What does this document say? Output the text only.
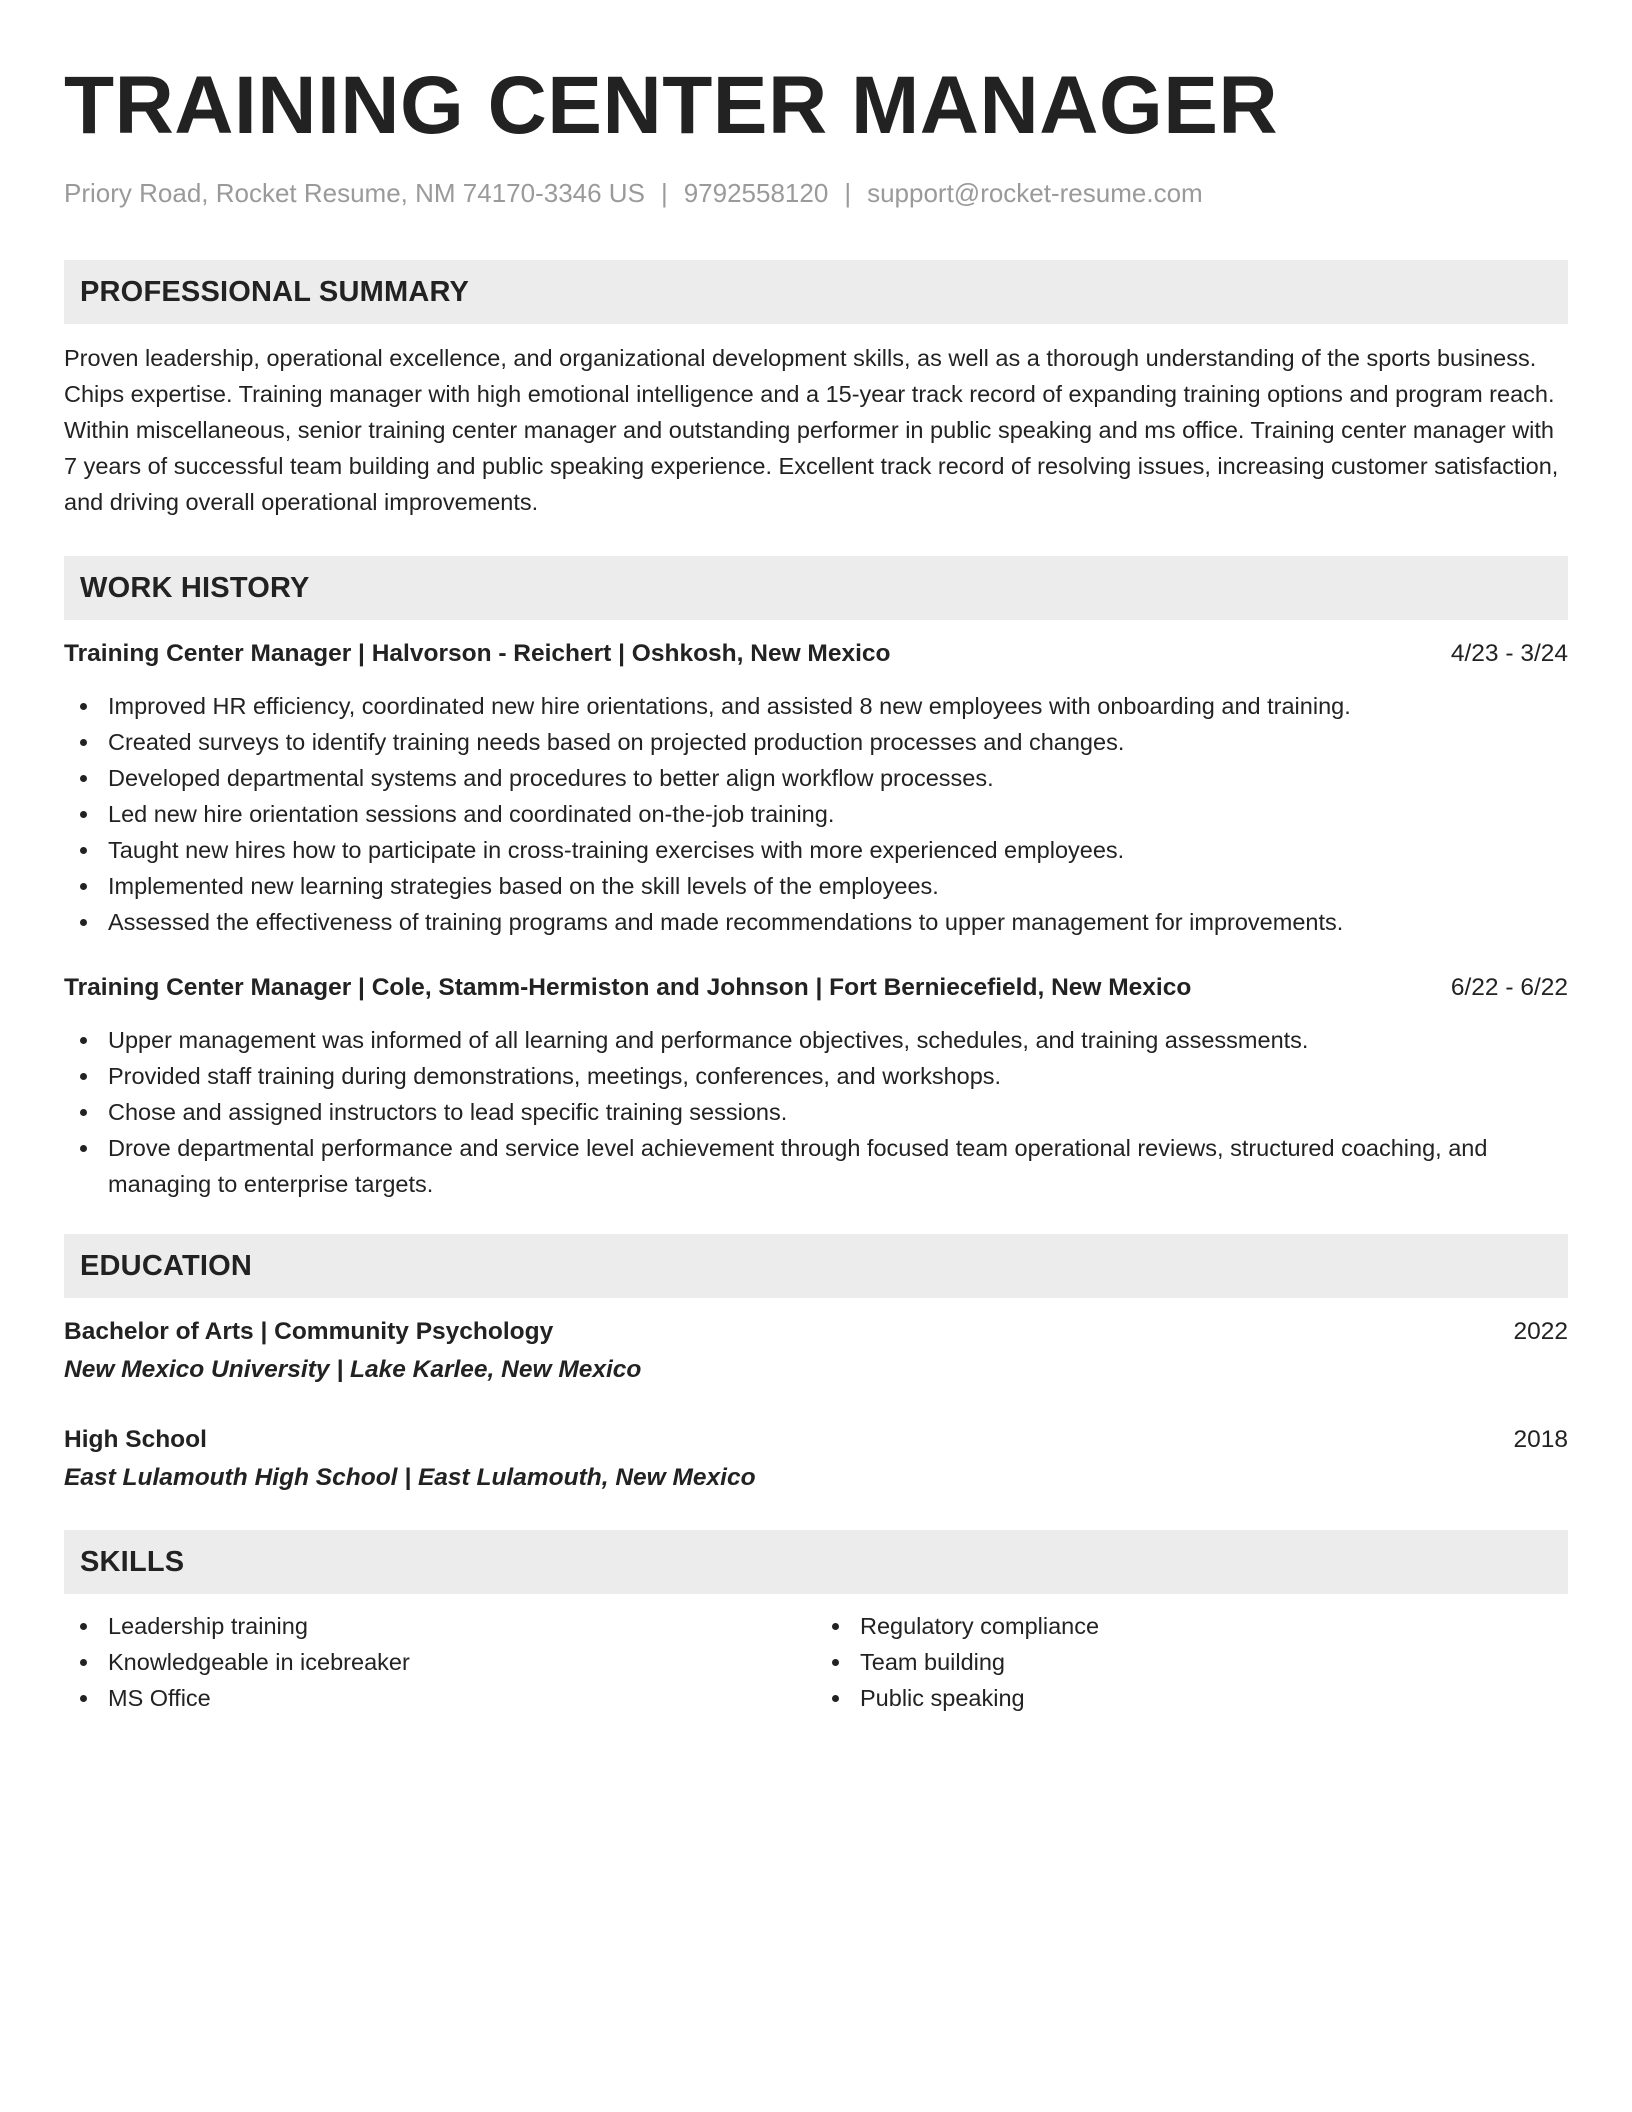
TRAINING CENTER MANAGER
Priory Road, Rocket Resume, NM 74170-3346 US | 9792558120 | support@rocket-resume.com
PROFESSIONAL SUMMARY
Proven leadership, operational excellence, and organizational development skills, as well as a thorough understanding of the sports business. Chips expertise. Training manager with high emotional intelligence and a 15-year track record of expanding training options and program reach. Within miscellaneous, senior training center manager and outstanding performer in public speaking and ms office. Training center manager with 7 years of successful team building and public speaking experience. Excellent track record of resolving issues, increasing customer satisfaction, and driving overall operational improvements.
WORK HISTORY
Training Center Manager | Halvorson - Reichert | Oshkosh, New Mexico	4/23 - 3/24
Improved HR efficiency, coordinated new hire orientations, and assisted 8 new employees with onboarding and training.
Created surveys to identify training needs based on projected production processes and changes.
Developed departmental systems and procedures to better align workflow processes.
Led new hire orientation sessions and coordinated on-the-job training.
Taught new hires how to participate in cross-training exercises with more experienced employees.
Implemented new learning strategies based on the skill levels of the employees.
Assessed the effectiveness of training programs and made recommendations to upper management for improvements.
Training Center Manager | Cole, Stamm-Hermiston and Johnson | Fort Berniecefield, New Mexico	6/22 - 6/22
Upper management was informed of all learning and performance objectives, schedules, and training assessments.
Provided staff training during demonstrations, meetings, conferences, and workshops.
Chose and assigned instructors to lead specific training sessions.
Drove departmental performance and service level achievement through focused team operational reviews, structured coaching, and managing to enterprise targets.
EDUCATION
Bachelor of Arts | Community Psychology	2022
New Mexico University | Lake Karlee, New Mexico
High School	2018
East Lulamouth High School | East Lulamouth, New Mexico
SKILLS
Leadership training
Knowledgeable in icebreaker
MS Office
Regulatory compliance
Team building
Public speaking
